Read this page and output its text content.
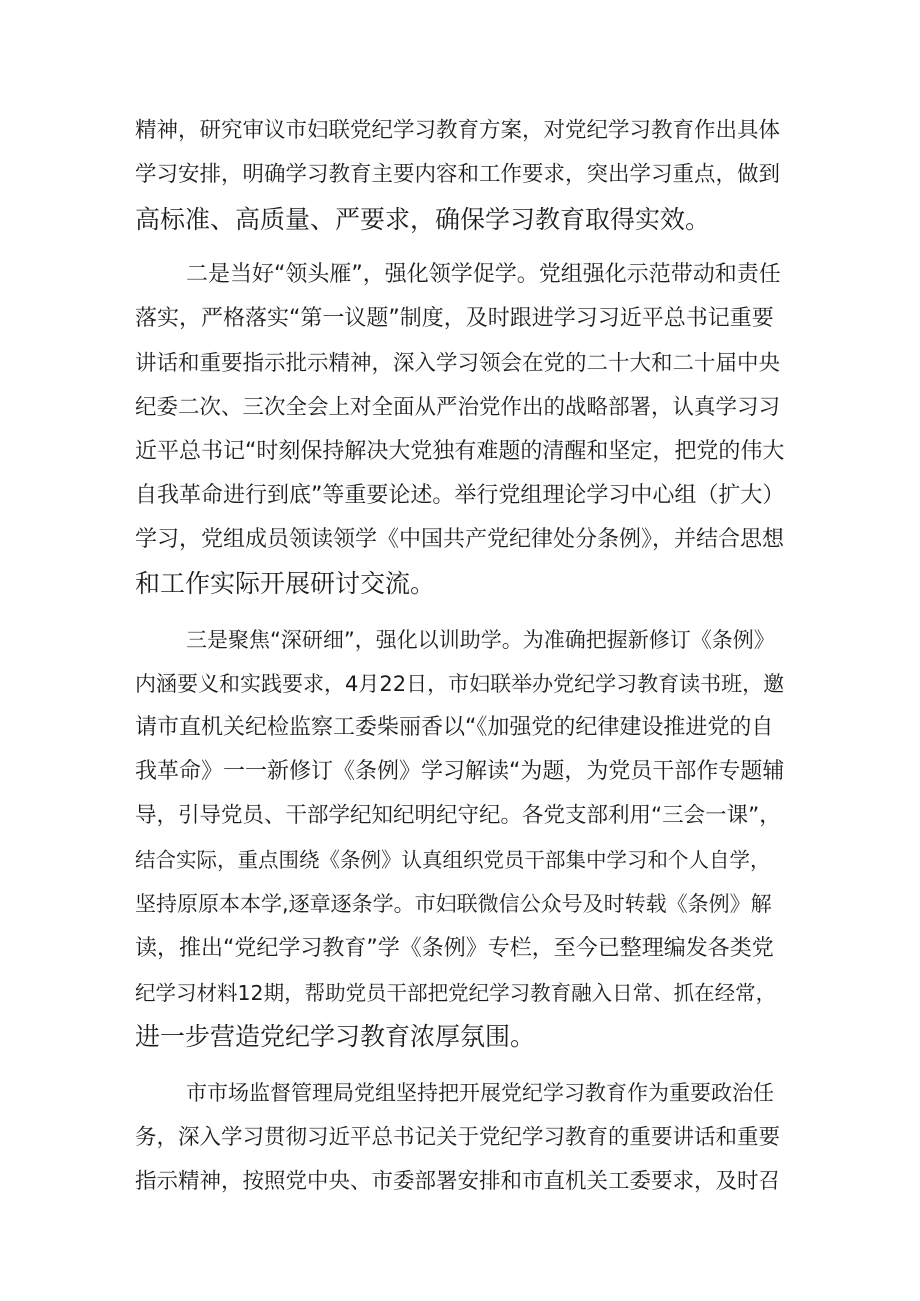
精神，研究审议市妇联党纪学习教育方案，对党纪学习教育作出具体
学习安排，明确学习教育主要内容和工作要求，突出学习重点，做到
高标准、高质量、严要求，确保学习教育取得实效。
二是当好“领头雁”，强化领学促学。党组强化示范带动和责任
落实，严格落实“第一议题”制度，及时跟进学习习近平总书记重要
讲话和重要指示批示精神，深入学习领会在党的二十大和二十届中央
纪委二次、三次全会上对全面从严治党作出的战略部署，认真学习习
近平总书记“时刻保持解决大党独有难题的清醒和坚定，把党的伟大
自我革命进行到底”等重要论述。举行党组理论学习中心组（扩大）
学习，党组成员领读领学《中国共产党纪律处分条例》，并结合思想
和工作实际开展研讨交流。
三是聚焦“深研细”，强化以训助学。为准确把握新修订《条例》
内涵要义和实践要求，4月22日，市妇联举办党纪学习教育读书班，邀
请市直机关纪检监察工委柴丽香以“《加强党的纪律建设推进党的自
我革命》一一新修订《条例》学习解读“为题，为党员干部作专题辅
导，引导党员、干部学纪知纪明纪守纪。各党支部利用“三会一课”，
结合实际，重点围绕《条例》认真组织党员干部集中学习和个人自学，
坚持原原本本学,逐章逐条学。市妇联微信公众号及时转载《条例》解
读，推出“党纪学习教育”学《条例》专栏，至今已整理编发各类党
纪学习材料12期，帮助党员干部把党纪学习教育融入日常、抓在经常，
进一步营造党纪学习教育浓厚氛围。
市市场监督管理局党组坚持把开展党纪学习教育作为重要政治任
务，深入学习贯彻习近平总书记关于党纪学习教育的重要讲话和重要
指示精神，按照党中央、市委部署安排和市直机关工委要求，及时召
